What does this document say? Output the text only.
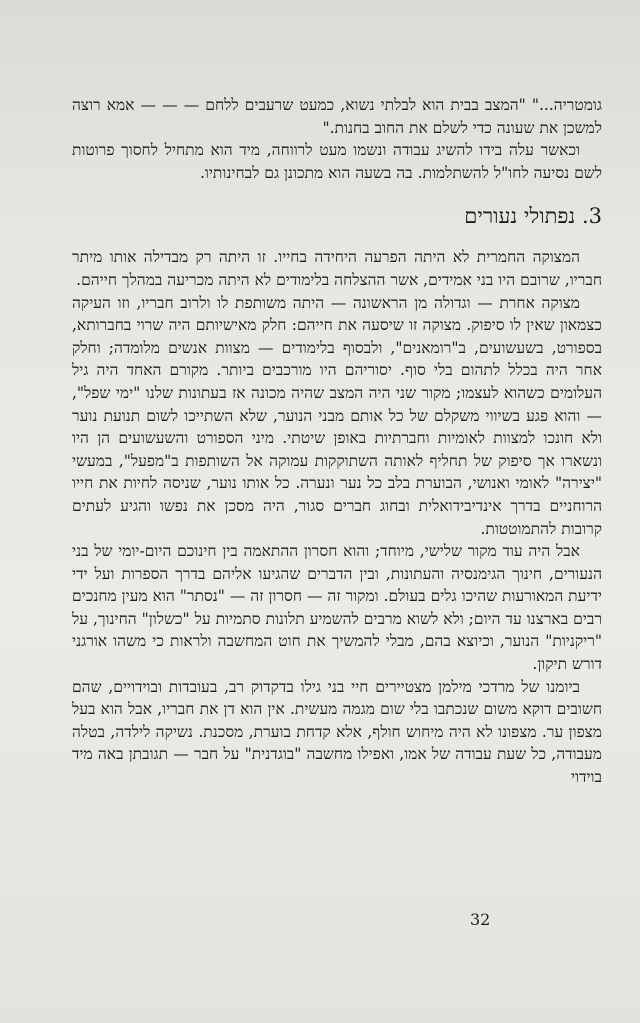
גומטריה..." "המצב בבית הוא לבלתי נשוא, כמעט שרעבים ללחם — — — אמא רוצה למשכן את שעונה כדי לשלם את החוב בחנות."

וכאשר עלה בידו להשיג עבודה ונשמו מעט לרווחה, מיד הוא מתחיל לחסוך פרוטות לשם נסיעה לחו"ל להשתלמות. בה בשעה הוא מתכונן גם לבחינותיו.

3. נפתולי נעורים

המצוקה החמרית לא היתה הפרעה היחידה בחייו. זו היתה רק מבדילה אותו מיתר חבריו, שרובם היו בני אמידים, אשר ההצלחה בלימודים לא היתה מכריעה במהלך חייהם.

מצוקה אחרת — וגדולה מן הראשונה — היתה משותפת לו ולרוב חבריו, וזו העיקה כצמאון שאין לו סיפוק. מצוקה זו שיסעה את חייהם: חלק מאישיותם היה שרוי בחברותא, בספורט, בשעשועים, ב"רומאנים", ולבסוף בלימודים — מצוות אנשים מלומדה; וחלק אחר היה בכלל לתהום בלי סוף. יסוריהם היו מורכבים ביותר. מקורם האחד היה גיל העלומים כשהוא לעצמו; מקור שני היה המצב שהיה מכונה אז בעתונות שלנו "ימי שפל", — והוא פגע בשיווי משקלם של כל אותם מבני הנוער, שלא השתייכו לשום תנועת נוער ולא חונכו למצוות לאומיות וחברתיות באופן שיטתי. מיני הספורט והשעשועים הן היו ונשארו אך סיפוק של תחליף לאותה השתוקקות עמוקה אל השותפות ב"מפעל", במעשי "יצירה" לאומי ואנושי, הבוערת בלב כל נער ונערה. כל אותו נוער, שניסה לחיות את חייו הרוחניים בדרך אינדיבידואלית ובחוג חברים סגור, היה מסכן את נפשו והגיע לעתים קרובות להתמוטטות.

אבל היה עוד מקור שלישי, מיוחד; והוא חסרון ההתאמה בין חינוכם היום-יומי של בני הנעורים, חינוך הגימנסיה והעתונות, ובין הדברים שהגיעו אליהם בדרך הספרות ועל ידי ידיעת המאורעות שהיכו גלים בעולם. ומקור זה — חסרון זה — "נסתר" הוא מעין מחנכים רבים בארצנו עד היום; ולא לשוא מרבים להשמיע תלונות סתמיות על "כשלון" החינוך, על "ריקניות" הנוער, וכיוצא בהם, מבלי להמשיך את חוט המחשבה ולראות כי משהו אורגני דורש תיקון.

ביומנו של מרדכי מילמן מצטיירים חיי בני גילו בדקדוק רב, בעובדות ובוידויים, שהם חשובים דוקא משום שנכתבו בלי שום מגמה מעשית. אין הוא דן את חבריו, אבל הוא בעל מצפון ער. מצפונו לא היה מיחוש חולף, אלא קדחת בוערת, מסכנת. נשיקה לילדה, בטלה מעבודה, כל שעת עבודה של אמו, ואפילו מחשבה "בוגדנית" על חבר — תגובתן באה מיד בוידוי

32
